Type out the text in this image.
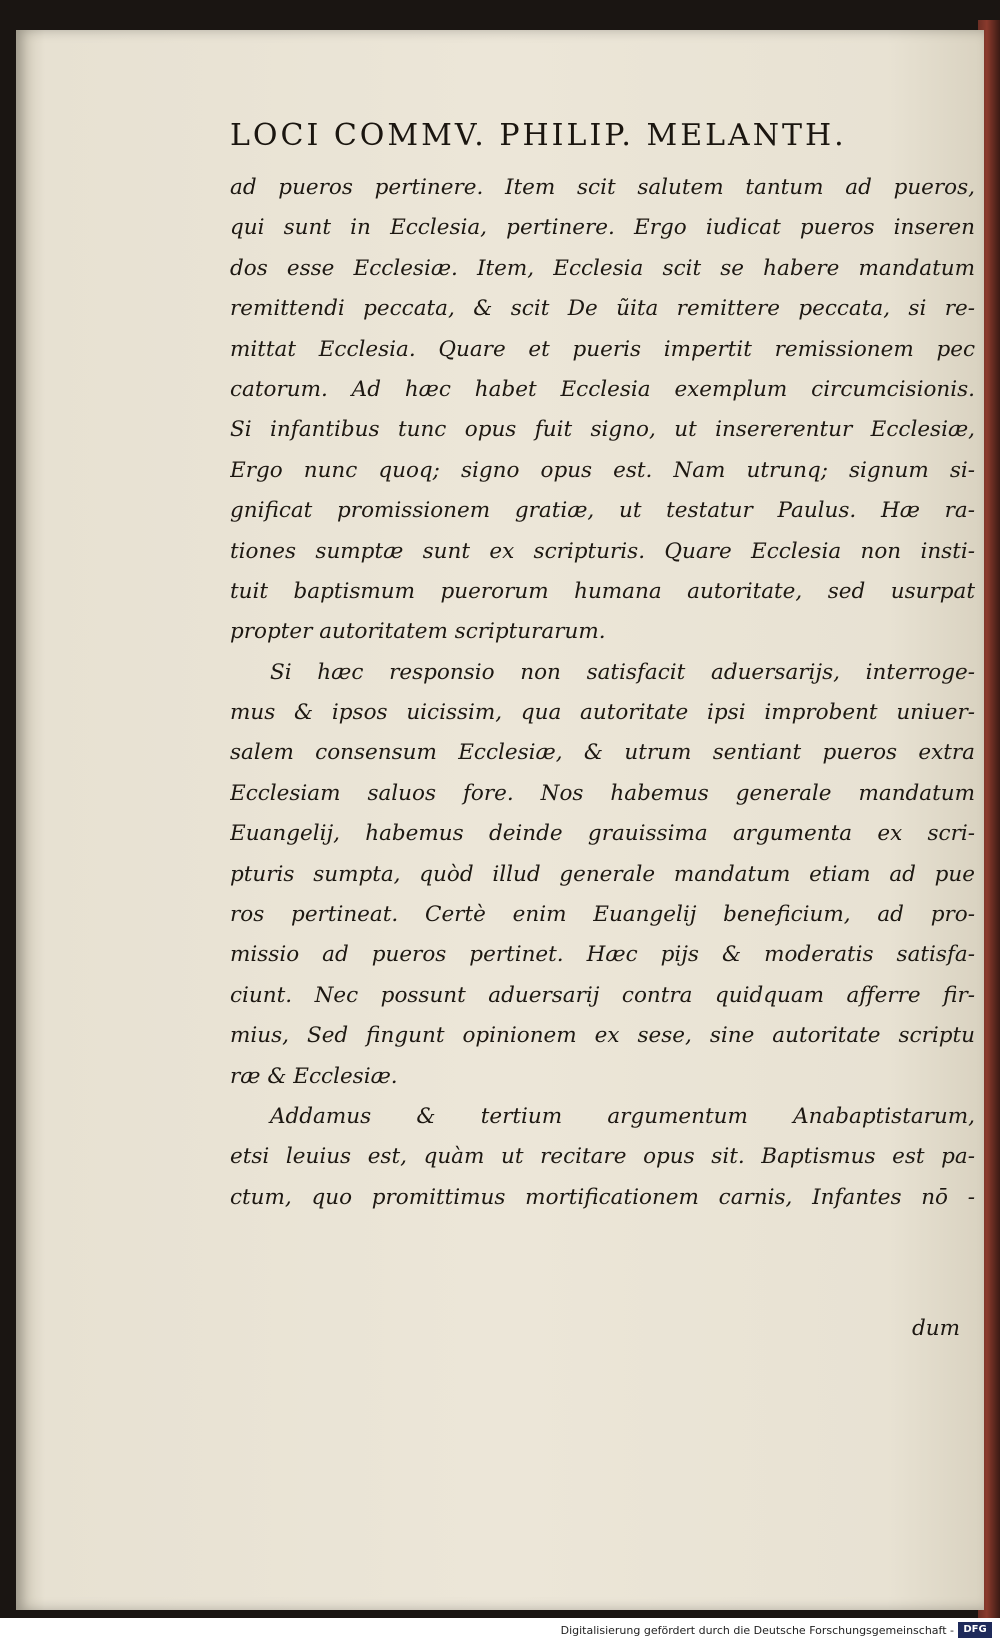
LOCI COMMV. PHILIP. MELANTH.
ad pueros pertinere. Item scit salutem tantum ad pueros,
qui sunt in Ecclesia, pertinere. Ergo iudicat pueros inseren
dos esse Ecclesiæ. Item, Ecclesia scit se habere mandatum
remittendi peccata, & scit De ũita remittere peccata, si re-
mittat Ecclesia. Quare et pueris impertit remissionem pec
catorum. Ad hæc habet Ecclesia exemplum circumcisionis.
Si infantibus tunc opus fuit signo, ut insererentur Ecclesiæ,
Ergo nunc quoq; signo opus est. Nam utrunq; signum si-
gnificat promissionem gratiæ, ut testatur Paulus. Hæ ra-
tiones sumptæ sunt ex scripturis. Quare Ecclesia non insti-
tuit baptismum puerorum humana autoritate, sed usurpat
propter autoritatem scripturarum.
Si hæc responsio non satisfacit aduersarijs, interroge-
mus & ipsos uicissim, qua autoritate ipsi improbent uniuer-
salem consensum Ecclesiæ, & utrum sentiant pueros extra
Ecclesiam saluos fore. Nos habemus generale mandatum
Euangelij, habemus deinde grauissima argumenta ex scri-
pturis sumpta, quòd illud generale mandatum etiam ad pue
ros pertineat. Certè enim Euangelij beneficium, ad pro-
missio ad pueros pertinet. Hæc pijs & moderatis satisfa-
ciunt. Nec possunt aduersarij contra quidquam afferre fir-
mius, Sed fingunt opinionem ex sese, sine autoritate scriptu
ræ & Ecclesiæ.
Addamus & tertium argumentum Anabaptistarum,
etsi leuius est, quàm ut recitare opus sit. Baptismus est pa-
ctum, quo promittimus mortificationem carnis, Infantes nō -
dum
Digitalisierung gefördert durch die Deutsche Forschungsgemeinschaft - DFG
